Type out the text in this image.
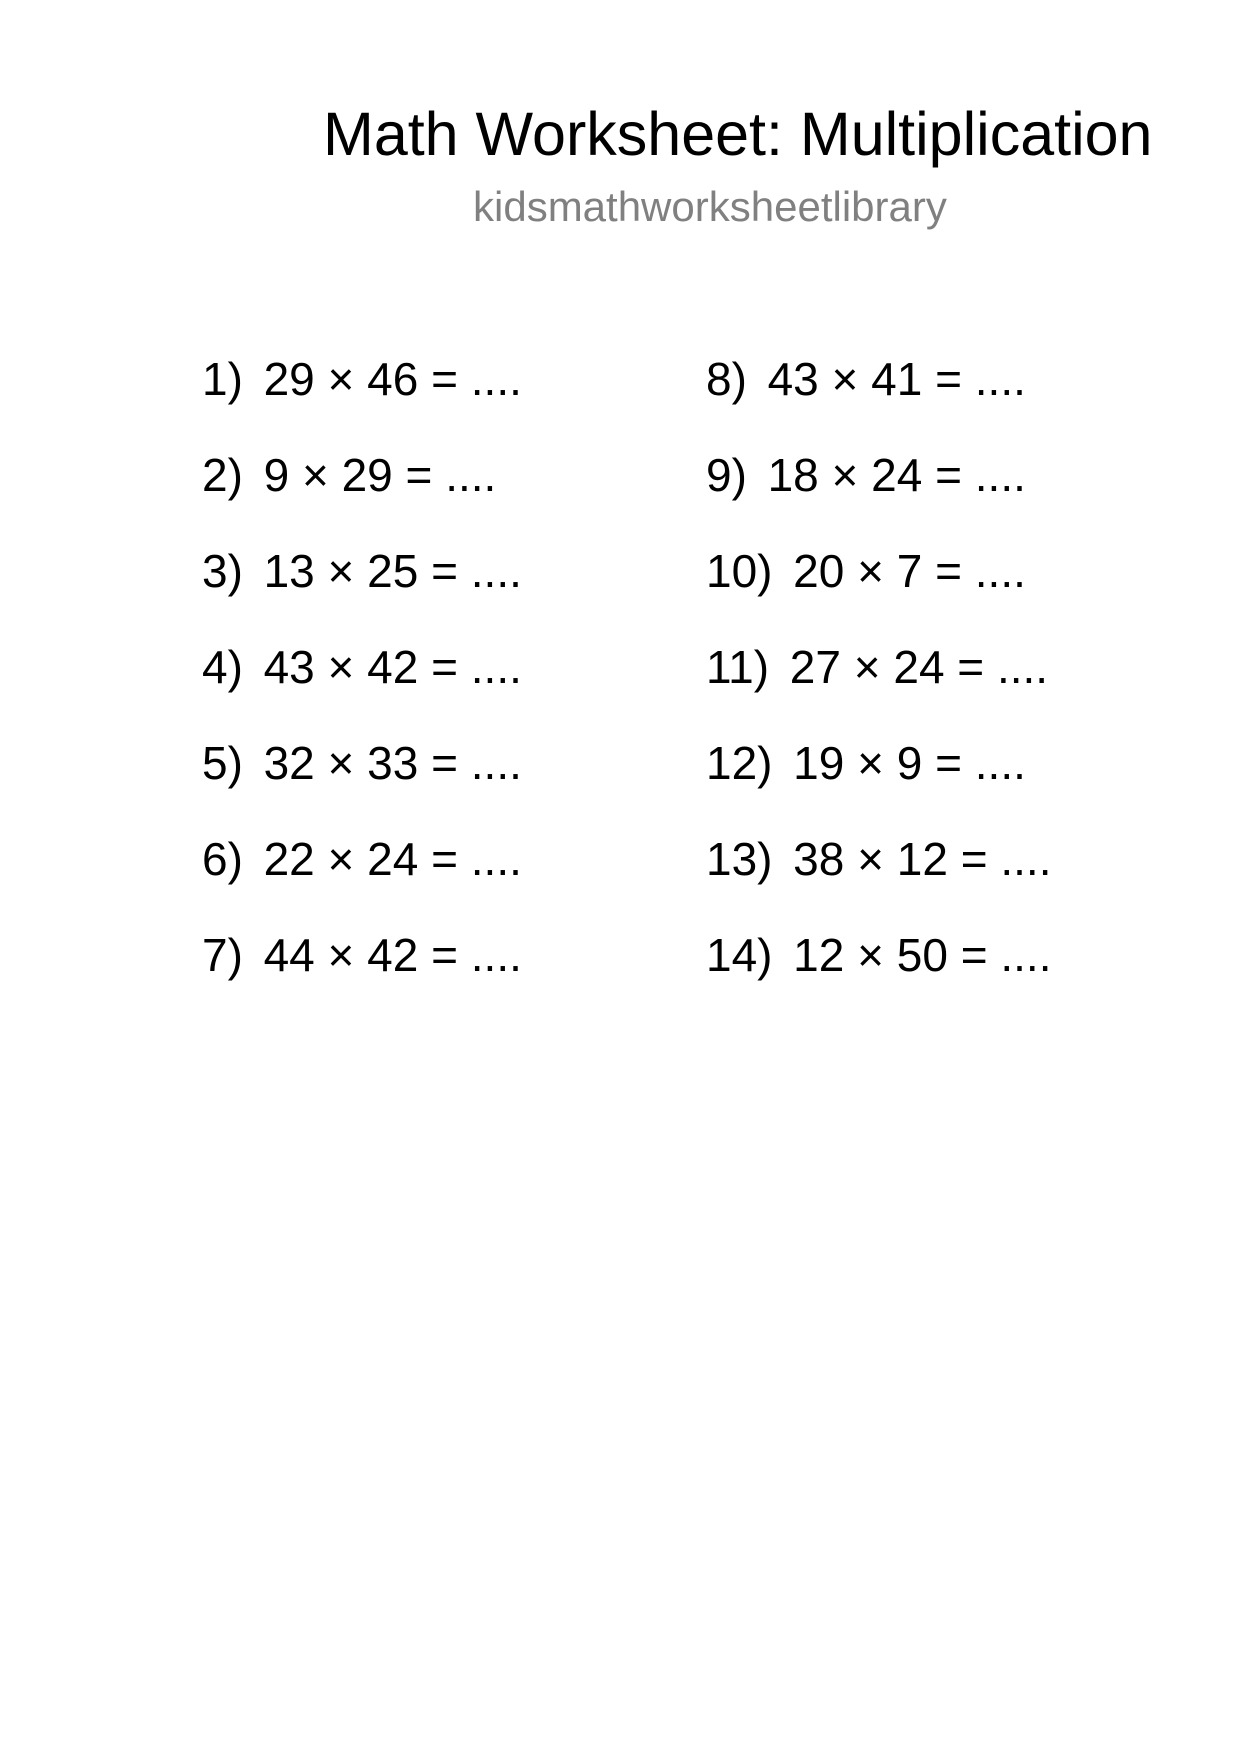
Math Worksheet: Multiplication
kidsmathworksheetlibrary
1) 29 × 46 = ....
2) 9 × 29 = ....
3) 13 × 25 = ....
4) 43 × 42 = ....
5) 32 × 33 = ....
6) 22 × 24 = ....
7) 44 × 42 = ....
8) 43 × 41 = ....
9) 18 × 24 = ....
10) 20 × 7 = ....
11) 27 × 24 = ....
12) 19 × 9 = ....
13) 38 × 12 = ....
14) 12 × 50 = ....
